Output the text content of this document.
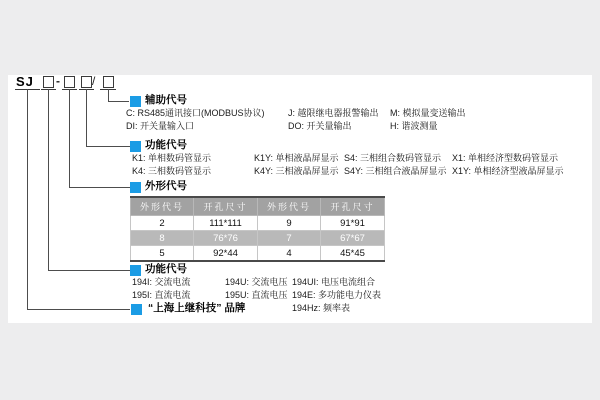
SJ -	/
辅助代号
C: RS485通讯接口(MODBUS协议)	J: 越限继电器报警输出 M: 模拟量变送输出
DI: 开关量输入口	DO: 开关量输出	H: 谐波测量
功能代号
K1: 单相数码管显示	K1Y: 单相液晶屏显示 S4: 三相组合数码管显示 X1: 单相经济型数码管显示
K4: 三相数码管显示	K4Y: 三相液晶屏显示 S4Y: 三相组合液晶屏显示 X1Y: 单相经济型液晶屏显示
外形代号
外形代号	开孔尺寸	外形代号	开孔尺寸
2	111*111	9	91*91
8	76*76	7	67*67
5	92*44	4	45*45
功能代号
194I: 交流电流	194U: 交流电压 194UI: 电压电流组合
195I: 直流电流	195U: 直流电压 194E: 多功能电力仪表
194Hz: 频率表
“上海上继科技” 品牌
